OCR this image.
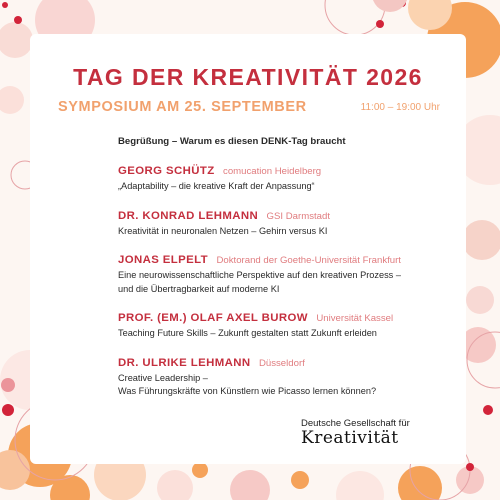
TAG DER KREATIVITÄT 2026
SYMPOSIUM AM 25. SEPTEMBER	11:00 – 19:00 Uhr
Begrüßung – Warum es diesen DENK-Tag braucht
GEORG SCHÜTZ comucation Heidelberg
„Adaptability – die kreative Kraft der Anpassung“
DR. KONRAD LEHMANN GSI Darmstadt
Kreativität in neuronalen Netzen – Gehirn versus KI
JONAS ELPELT Doktorand der Goethe-Universität Frankfurt
Eine neurowissenschaftliche Perspektive auf den kreativen Prozess –
und die Übertragbarkeit auf moderne KI
PROF. (EM.) OLAF AXEL BUROW Universität Kassel
Teaching Future Skills – Zukunft gestalten statt Zukunft erleiden
DR. ULRIKE LEHMANN Düsseldorf
Creative Leadership –
Was Führungskräfte von Künstlern wie Picasso lernen können?
Deutsche Gesellschaft für
Kreativität
